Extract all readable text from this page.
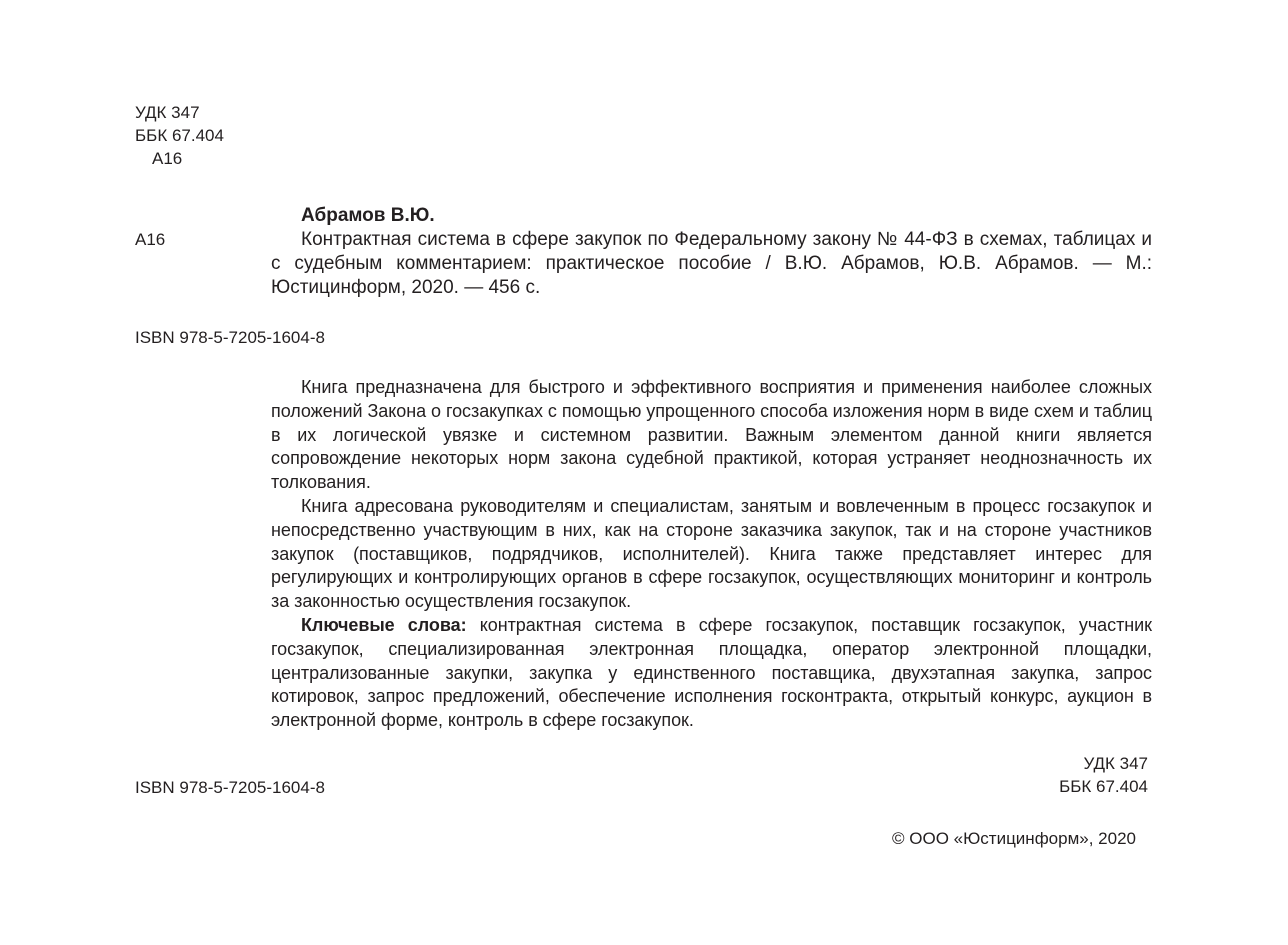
УДК 347
ББК 67.404
А16
А16

Абрамов В.Ю.

Контрактная система в сфере закупок по Федеральному закону № 44-ФЗ в схемах, таблицах и с судебным комментарием: практическое пособие / В.Ю. Абрамов, Ю.В. Абрамов. — М.: Юстицинформ, 2020. — 456 с.

ISBN 978-5-7205-1604-8

Книга предназначена для быстрого и эффективного восприятия и применения наиболее сложных положений Закона о госзакупках с помощью упрощенного способа изложения норм в виде схем и таблиц в их логической увязке и системном развитии. Важным элементом данной книги является сопровождение некоторых норм закона судебной практикой, которая устраняет неоднозначность их толкования.

Книга адресована руководителям и специалистам, занятым и вовлеченным в процесс госзакупок и непосредственно участвующим в них, как на стороне заказчика закупок, так и на стороне участников закупок (поставщиков, подрядчиков, исполнителей). Книга также представляет интерес для регулирующих и контролирующих органов в сфере госзакупок, осуществляющих мониторинг и контроль за законностью осуществления госзакупок.

Ключевые слова: контрактная система в сфере госзакупок, поставщик госзакупок, участник госзакупок, специализированная электронная площадка, оператор электронной площадки, централизованные закупки, закупка у единственного поставщика, двухэтапная закупка, запрос котировок, запрос предложений, обеспечение исполнения госконтракта, открытый конкурс, аукцион в электронной форме, контроль в сфере госзакупок.

УДК 347
ББК 67.404
ISBN 978-5-7205-1604-8
© ООО «Юстицинформ», 2020
